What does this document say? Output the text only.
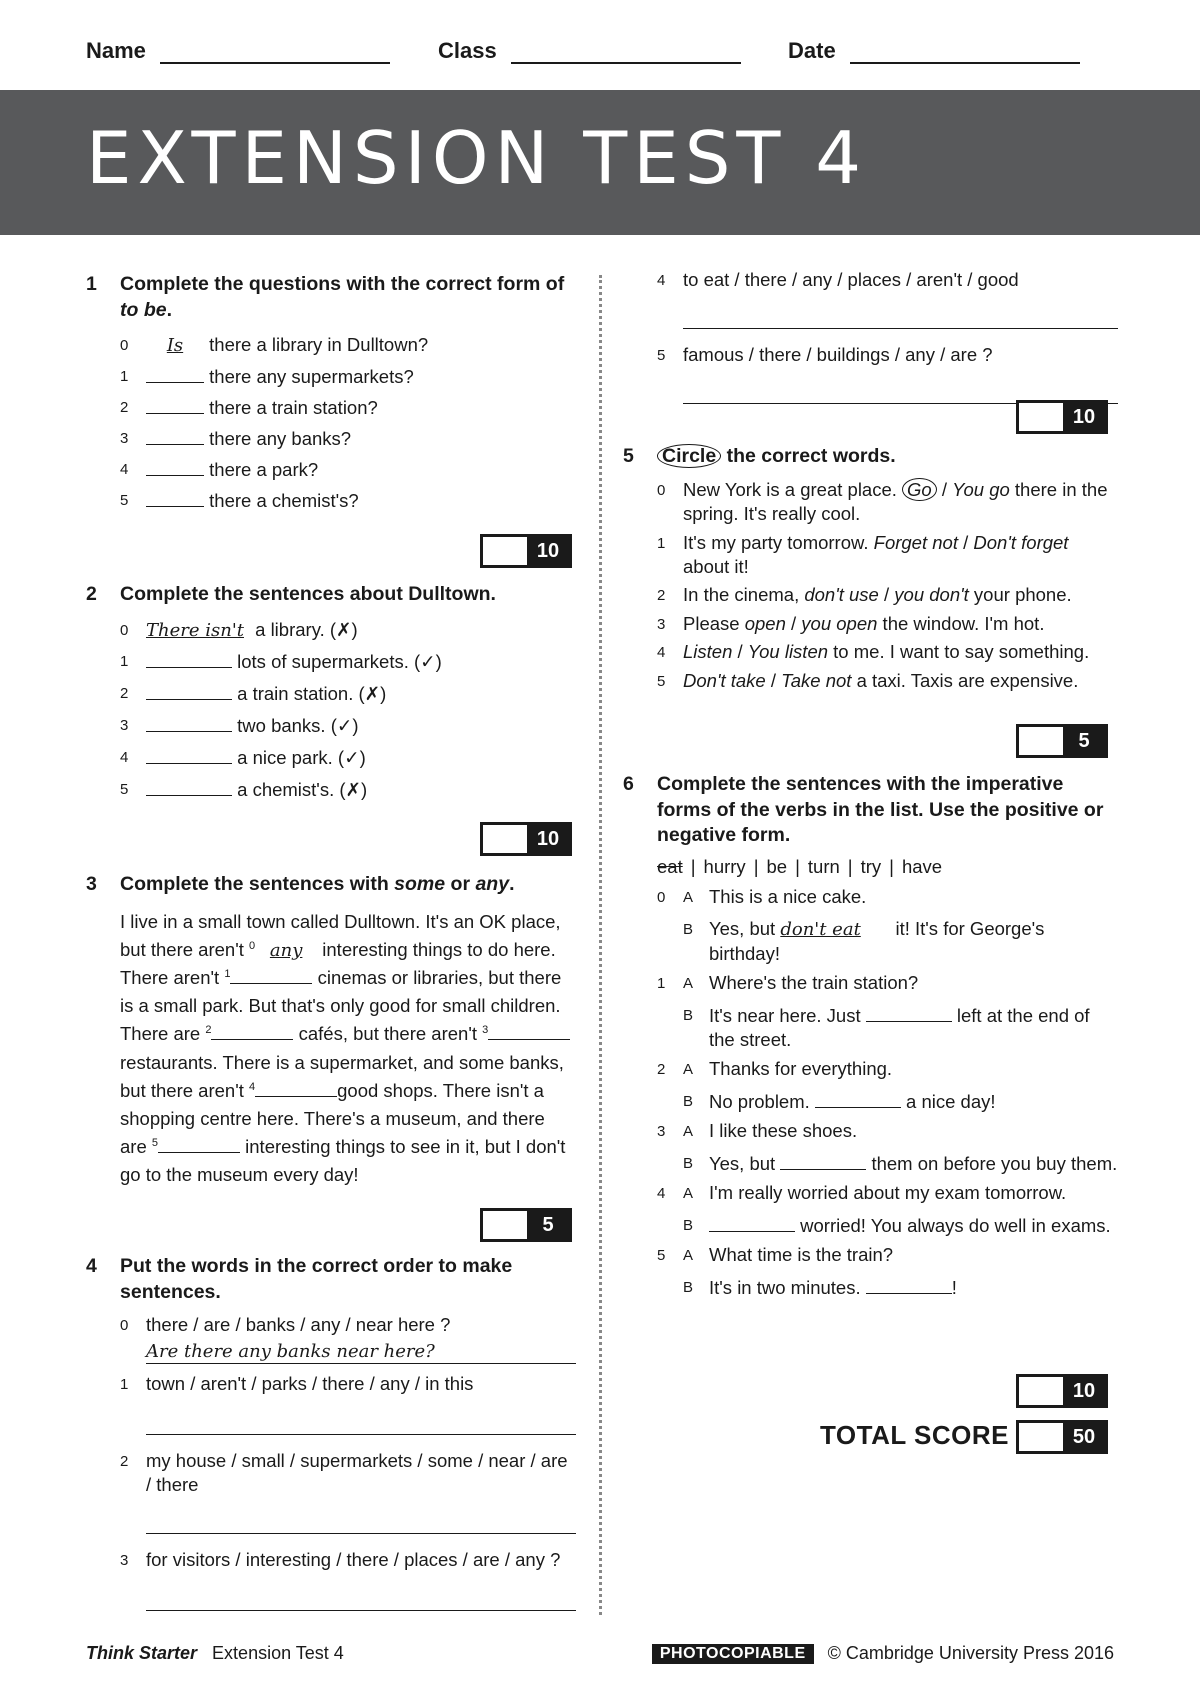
Name	Class	Date
EXTENSION TEST 4
1	Complete the questions with the correct form of to be.
0	Is there a library in Dulltown?
1	there any supermarkets?
2	there a train station?
3	there any banks?
4	there a park?
5	there a chemist's?
10
2	Complete the sentences about Dulltown.
0 There isn't a library. (✗)
1	lots of supermarkets. (✓)
2	a train station. (✗)
3	two banks. (✓)
4	a nice park. (✓)
5	a chemist's. (✗)
10
3	Complete the sentences with some or any.

I live in a small town called Dulltown. It's an OK place, but there aren't $^0$ any interesting things to do here. There aren't $^1$	cinemas or libraries, but there is a small park. But that's only good for small children. There are $^2$	cafés, but there aren't $^3$ restaurants. There is a supermarket, and some banks, but there aren't $^4$	good shops. There isn't a shopping centre here. There's a museum, and there are $^5$	interesting things to see in it, but I don't go to the museum every day!

5
4	Put the words in the correct order to make sentences.
0 there / are / banks / any / near here ?
Are there any banks near here?
1 town / aren't / parks / there / any / in this
2 my house / small / supermarkets / some / near / are / there
3 for visitors / interesting / there / places / are / any ?
4 to eat / there / any / places / aren't / good
5 famous / there / buildings / any / are ?
10
5	Circle the correct words.
0 New York is a great place. Go / You go there in the spring. It's really cool.
1 It's my party tomorrow. Forget not / Don't forget about it!
2 In the cinema, don't use / you don't your phone.
3 Please open / you open the window. I'm hot.
4 Listen / You listen to me. I want to say something.
5 Don't take / Take not a taxi. Taxis are expensive.
5
6	Complete the sentences with the imperative forms of the verbs in the list. Use the positive or negative form.
eat | hurry | be | turn | try | have
0	A This is a nice cake.
B Yes, but don't eat it! It's for George's birthday!
1	A Where's the train station?
B It's near here. Just	left at the end of the street.
2	A Thanks for everything.
B No problem.	a nice day!
3	A I like these shoes.
B Yes, but	them on before you buy them.
4	A I'm really worried about my exam tomorrow.
B	worried! You always do well in exams.
5	A What time is the train?
B It's in two minutes.	!
10
TOTAL SCORE	50
Think Starter Extension Test 4	PHOTOCOPIABLE	© Cambridge University Press 2016
